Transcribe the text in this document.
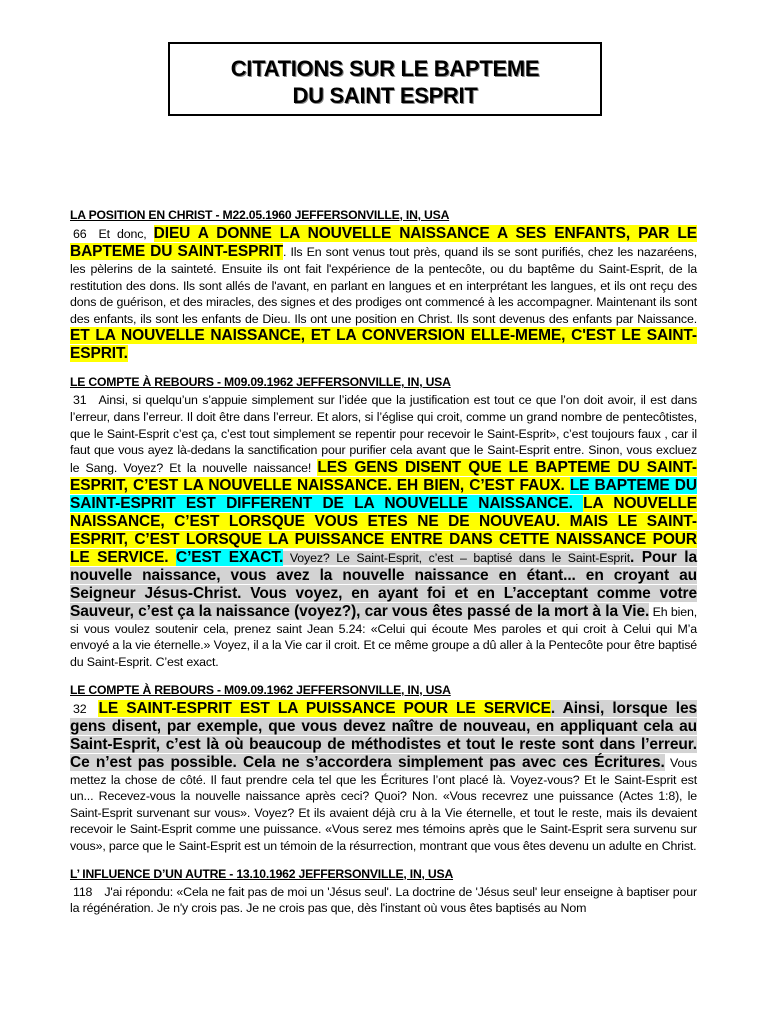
CITATIONS SUR LE BAPTEME
DU SAINT ESPRIT
LA POSITION EN CHRIST - M22.05.1960 JEFFERSONVILLE, IN, USA

66 Et donc, DIEU A DONNE LA NOUVELLE NAISSANCE A SES ENFANTS, PAR LE BAPTEME DU SAINT-ESPRIT. Ils En sont venus tout près, quand ils se sont purifiés, chez les nazaréens, les pèlerins de la sainteté. Ensuite ils ont fait l'expérience de la pentecôte, ou du baptême du Saint-Esprit, de la restitution des dons. Ils sont allés de l'avant, en parlant en langues et en interprétant les langues, et ils ont reçu des dons de guérison, et des miracles, des signes et des prodiges ont commencé à les accompagner. Maintenant ils sont des enfants, ils sont les enfants de Dieu. Ils ont une position en Christ. Ils sont devenus des enfants par Naissance. ET LA NOUVELLE NAISSANCE, ET LA CONVERSION ELLE-MEME, C'EST LE SAINT-ESPRIT.

LE COMPTE À REBOURS - M09.09.1962 JEFFERSONVILLE, IN, USA

31 Ainsi, si quelqu’un s’appuie simplement sur l’idée que la justification est tout ce que l’on doit avoir, il est dans l’erreur, dans l’erreur. Il doit être dans l’erreur. Et alors, si l’église qui croit, comme un grand nombre de pentecôtistes, que le Saint-Esprit c’est ça, c’est tout simplement se repentir pour recevoir le Saint-Esprit», c’est toujours faux , car il faut que vous ayez là-dedans la sanctification pour purifier cela avant que le Saint-Esprit entre. Sinon, vous excluez le Sang. Voyez? Et la nouvelle naissance! LES GENS DISENT QUE LE BAPTEME DU SAINT-ESPRIT, C’EST LA NOUVELLE NAISSANCE. EH BIEN, C’EST FAUX. LE BAPTEME DU SAINT-ESPRIT EST DIFFERENT DE LA NOUVELLE NAISSANCE. LA NOUVELLE NAISSANCE, C’EST LORSQUE VOUS ETES NE DE NOUVEAU. MAIS LE SAINT-ESPRIT, C’EST LORSQUE LA PUISSANCE ENTRE DANS CETTE NAISSANCE POUR LE SERVICE. C’EST EXACT. Voyez? Le Saint-Esprit, c’est – baptisé dans le Saint-Esprit. Pour la nouvelle naissance, vous avez la nouvelle naissance en étant... en croyant au Seigneur Jésus-Christ. Vous voyez, en ayant foi et en L’acceptant comme votre Sauveur, c’est ça la naissance (voyez?), car vous êtes passé de la mort à la Vie. Eh bien, si vous voulez soutenir cela, prenez saint Jean 5.24: «Celui qui écoute Mes paroles et qui croit à Celui qui M’a envoyé a la vie éternelle.» Voyez, il a la Vie car il croit. Et ce même groupe a dû aller à la Pentecôte pour être baptisé du Saint-Esprit. C’est exact.

LE COMPTE À REBOURS - M09.09.1962 JEFFERSONVILLE, IN, USA

32 LE SAINT-ESPRIT EST LA PUISSANCE POUR LE SERVICE. Ainsi, lorsque les gens disent, par exemple, que vous devez naître de nouveau, en appliquant cela au Saint-Esprit, c’est là où beaucoup de méthodistes et tout le reste sont dans l’erreur. Ce n’est pas possible. Cela ne s’accordera simplement pas avec ces Écritures. Vous mettez la chose de côté. Il faut prendre cela tel que les Écritures l’ont placé là. Voyez-vous? Et le Saint-Esprit est un... Recevez-vous la nouvelle naissance après ceci? Quoi? Non. «Vous recevrez une puissance (Actes 1:8), le Saint-Esprit survenant sur vous». Voyez? Et ils avaient déjà cru à la Vie éternelle, et tout le reste, mais ils devaient recevoir le Saint-Esprit comme une puissance. «Vous serez mes témoins après que le Saint-Esprit sera survenu sur vous», parce que le Saint-Esprit est un témoin de la résurrection, montrant que vous êtes devenu un adulte en Christ.

L’ INFLUENCE D’UN AUTRE - 13.10.1962 JEFFERSONVILLE, IN, USA

118 J'ai répondu: «Cela ne fait pas de moi un 'Jésus seul'. La doctrine de 'Jésus seul' leur enseigne à baptiser pour la régénération. Je n'y crois pas. Je ne crois pas que, dès l'instant où vous êtes baptisés au Nom
